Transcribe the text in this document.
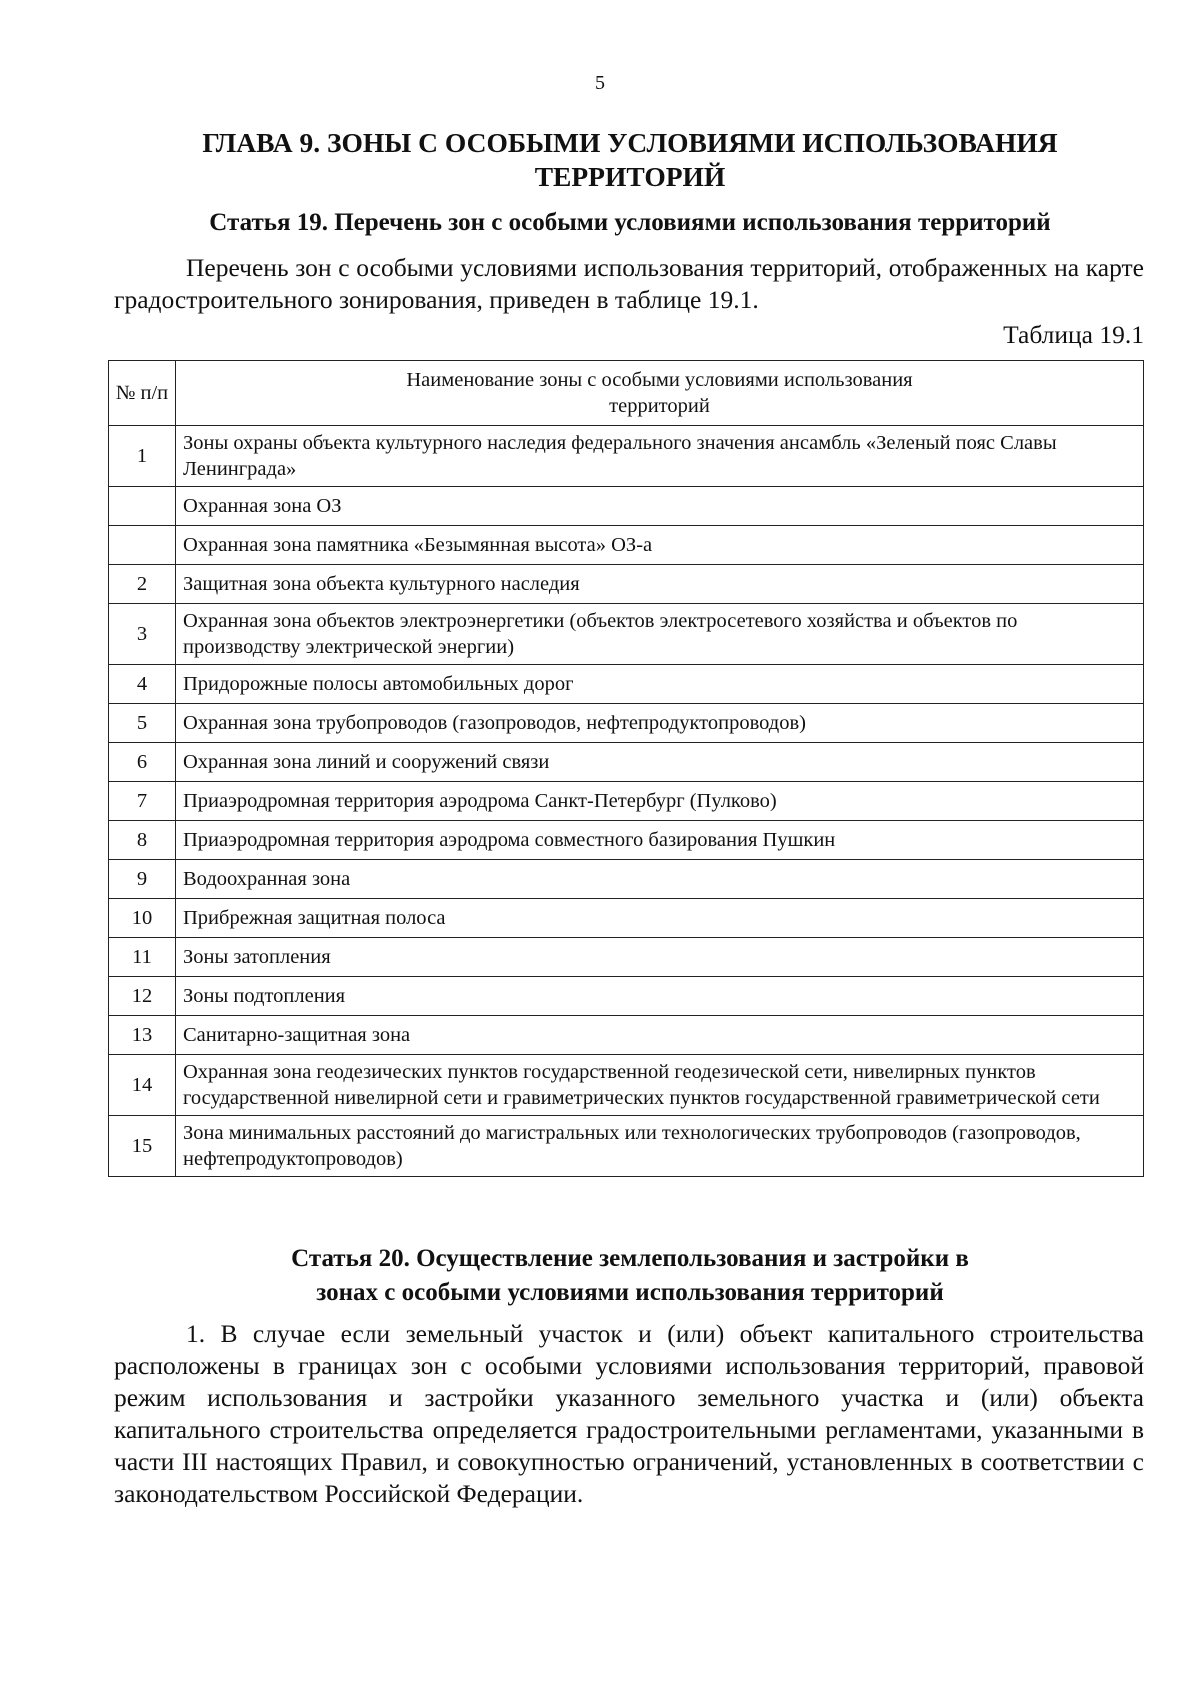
5
ГЛАВА 9. ЗОНЫ С ОСОБЫМИ УСЛОВИЯМИ ИСПОЛЬЗОВАНИЯ ТЕРРИТОРИЙ
Статья 19. Перечень зон с особыми условиями использования территорий

Перечень зон с особыми условиями использования территорий, отображенных на карте градостроительного зонирования, приведен в таблице 19.1.

Таблица 19.1
№ п/п	Наименование зоны с особыми условиями использования территорий
1	Зоны охраны объекта культурного наследия федерального значения ансамбль «Зеленый пояс Славы Ленинграда»
	Охранная зона ОЗ
	Охранная зона памятника «Безымянная высота» ОЗ-а
2	Защитная зона объекта культурного наследия
3	Охранная зона объектов электроэнергетики (объектов электросетевого хозяйства и объектов по производству электрической энергии)
4	Придорожные полосы автомобильных дорог
5	Охранная зона трубопроводов (газопроводов, нефтепродуктопроводов)
6	Охранная зона линий и сооружений связи
7	Приаэродромная территория аэродрома Санкт-Петербург (Пулково)
8	Приаэродромная территория аэродрома совместного базирования Пушкин
9	Водоохранная зона
10	Прибрежная защитная полоса
11	Зоны затопления
12	Зоны подтопления
13	Санитарно-защитная зона
14	Охранная зона геодезических пунктов государственной геодезической сети, нивелирных пунктов государственной нивелирной сети и гравиметрических пунктов государственной гравиметрической сети
15	Зона минимальных расстояний до магистральных или технологических трубопроводов (газопроводов, нефтепродуктопроводов)
Статья 20. Осуществление землепользования и застройки в зонах с особыми условиями использования территорий

1. В случае если земельный участок и (или) объект капитального строительства расположены в границах зон с особыми условиями использования территорий, правовой режим использования и застройки указанного земельного участка и (или) объекта капитального строительства определяется градостроительными регламентами, указанными в части III настоящих Правил, и совокупностью ограничений, установленных в соответствии с законодательством Российской Федерации.
